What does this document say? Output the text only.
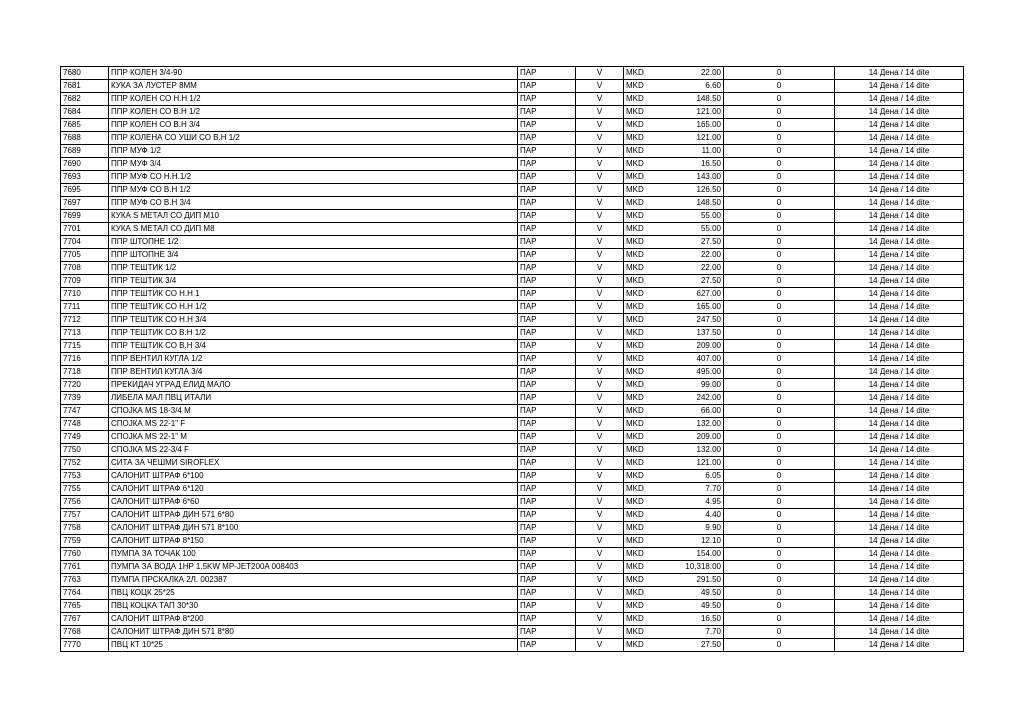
7680	ППР КОЛЕН 3/4-90	ПАР	V	MKD	22.00	0	14 Дена / 14 dite
7681	КУКА ЗА ЛУСТЕР 8ММ	ПАР	V	MKD	6.60	0	14 Дена / 14 dite
7682	ППР КОЛЕН СО Н.Н 1/2	ПАР	V	MKD	148.50	0	14 Дена / 14 dite
7684	ППР КОЛЕН СО В.Н 1/2	ПАР	V	MKD	121.00	0	14 Дена / 14 dite
7685	ППР КОЛЕН СО В.Н 3/4	ПАР	V	MKD	165.00	0	14 Дена / 14 dite
7688	ППР КОЛЕНА СО УШИ СО В.Н 1/2	ПАР	V	MKD	121.00	0	14 Дена / 14 dite
7689	ППР МУФ 1/2	ПАР	V	MKD	11.00	0	14 Дена / 14 dite
7690	ППР МУФ 3/4	ПАР	V	MKD	16.50	0	14 Дена / 14 dite
7693	ППР МУФ СО Н.Н.1/2	ПАР	V	MKD	143.00	0	14 Дена / 14 dite
7695	ППР МУФ СО В.Н 1/2	ПАР	V	MKD	126.50	0	14 Дена / 14 dite
7697	ППР МУФ СО В.Н 3/4	ПАР	V	MKD	148.50	0	14 Дена / 14 dite
7699	КУКА S МЕТАЛ СО ДИП M10	ПАР	V	MKD	55.00	0	14 Дена / 14 dite
7701	КУКА S МЕТАЛ СО ДИП M8	ПАР	V	MKD	55.00	0	14 Дена / 14 dite
7704	ППР ШТОПНЕ 1/2	ПАР	V	MKD	27.50	0	14 Дена / 14 dite
7705	ППР ШТОПНЕ 3/4	ПАР	V	MKD	22.00	0	14 Дена / 14 dite
7708	ППР ТЕШТИК 1/2	ПАР	V	MKD	22.00	0	14 Дена / 14 dite
7709	ППР ТЕШТИК 3/4	ПАР	V	MKD	27.50	0	14 Дена / 14 dite
7710	ППР ТЕШТИК СО Н.Н 1	ПАР	V	MKD	627.00	0	14 Дена / 14 dite
7711	ППР ТЕШТИК СО Н.Н 1/2	ПАР	V	MKD	165.00	0	14 Дена / 14 dite
7712	ППР ТЕШТИК СО Н.Н 3/4	ПАР	V	MKD	247.50	0	14 Дена / 14 dite
7713	ППР ТЕШТИК СО В.Н 1/2	ПАР	V	MKD	137.50	0	14 Дена / 14 dite
7715	ППР ТЕШТИК СО В.Н 3/4	ПАР	V	MKD	209.00	0	14 Дена / 14 dite
7716	ППР ВЕНТИЛ КУГЛА 1/2	ПАР	V	MKD	407.00	0	14 Дена / 14 dite
7718	ППР ВЕНТИЛ КУГЛА 3/4	ПАР	V	MKD	495.00	0	14 Дена / 14 dite
7720	ПРЕКИДАЧ УГРАД ЕЛИД МАЛО	ПАР	V	MKD	99.00	0	14 Дена / 14 dite
7739	ЛИБЕЛА МАЛ ПВЦ ИТАЛИ	ПАР	V	MKD	242.00	0	14 Дена / 14 dite
7747	СПОЈКА MS 18-3/4 M	ПАР	V	MKD	66.00	0	14 Дена / 14 dite
7748	СПОЈКА MS 22-1" F	ПАР	V	MKD	132.00	0	14 Дена / 14 dite
7749	СПОЈКА MS 22-1" M	ПАР	V	MKD	209.00	0	14 Дена / 14 dite
7750	СПОЈКА MS 22-3/4 F	ПАР	V	MKD	132.00	0	14 Дена / 14 dite
7752	СИТА ЗА ЧЕШМИ SIROFLEX	ПАР	V	MKD	121.00	0	14 Дена / 14 dite
7753	САЛОНИТ ШТРАФ 6*100	ПАР	V	MKD	6.05	0	14 Дена / 14 dite
7755	САЛОНИТ ШТРАФ 6*120	ПАР	V	MKD	7.70	0	14 Дена / 14 dite
7756	САЛОНИТ ШТРАФ 6*60	ПАР	V	MKD	4.95	0	14 Дена / 14 dite
7757	САЛОНИТ ШТРАФ ДИН 571 6*80	ПАР	V	MKD	4.40	0	14 Дена / 14 dite
7758	САЛОНИТ ШТРАФ ДИН 571 8*100	ПАР	V	MKD	9.90	0	14 Дена / 14 dite
7759	САЛОНИТ ШТРАФ 8*150	ПАР	V	MKD	12.10	0	14 Дена / 14 dite
7760	ПУМПА ЗА ТОЧАК 100	ПАР	V	MKD	154.00	0	14 Дена / 14 dite
7761	ПУМПА ЗА ВОДА 1HP 1.5KW MP-JET200A 008403	ПАР	V	MKD	10,318.00	0	14 Дена / 14 dite
7763	ПУМПА ПРСКАЛКА 2Л. 002387	ПАР	V	MKD	291.50	0	14 Дена / 14 dite
7764	ПВЦ КОЦК 25*25	ПАР	V	MKD	49.50	0	14 Дена / 14 dite
7765	ПВЦ КОЦКА ТАП 30*30	ПАР	V	MKD	49.50	0	14 Дена / 14 dite
7767	САЛОНИТ ШТРАФ 8*200	ПАР	V	MKD	16.50	0	14 Дена / 14 dite
7768	САЛОНИТ ШТРАФ ДИН 571 8*80	ПАР	V	MKD	7.70	0	14 Дена / 14 dite
7770	ПВЦ КТ 10*25	ПАР	V	MKD	27.50	0	14 Дена / 14 dite
